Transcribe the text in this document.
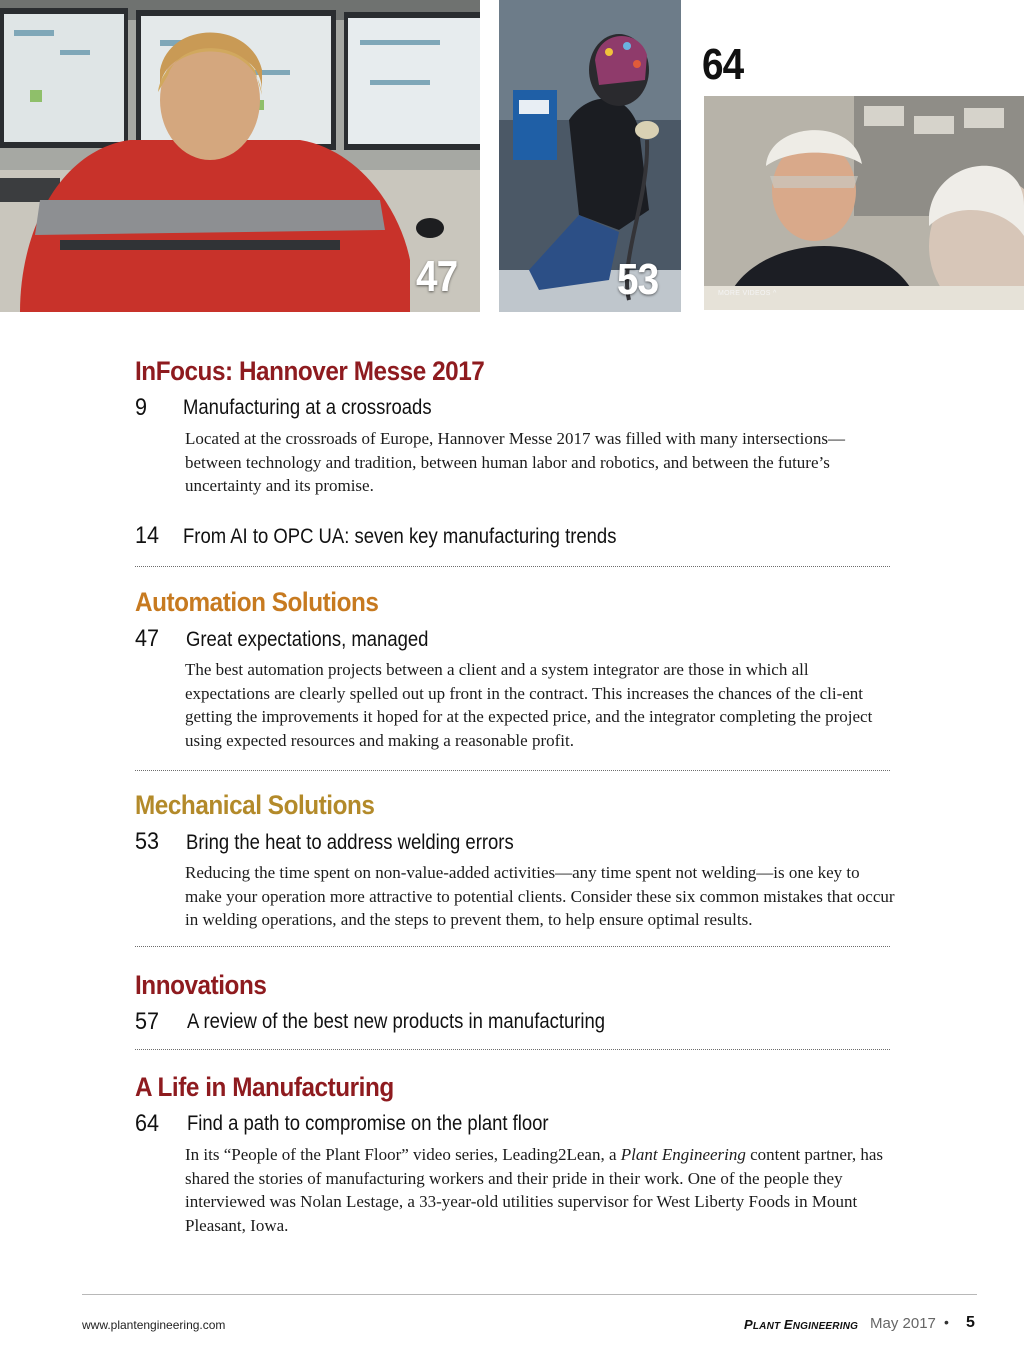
47	53
64
MORE VIDEOS ^
InFocus: Hannover Messe 2017
9 Manufacturing at a crossroads
Located at the crossroads of Europe, Hannover Messe 2017 was filled with many intersections—between technology and tradition, between human labor and robotics, and between the future’s uncertainty and its promise.
14 From AI to OPC UA: seven key manufacturing trends
Automation Solutions
47 Great expectations, managed
The best automation projects between a client and a system integrator are those in which all expectations are clearly spelled out up front in the contract. This increases the chances of the cli-ent getting the improvements it hoped for at the expected price, and the integrator completing the project using expected resources and making a reasonable profit.
Mechanical Solutions
53 Bring the heat to address welding errors
Reducing the time spent on non-value-added activities—any time spent not welding—is one key to make your operation more attractive to potential clients. Consider these six common mistakes that occur in welding operations, and the steps to prevent them, to help ensure optimal results.
Innovations
57 A review of the best new products in manufacturing
A Life in Manufacturing
64 Find a path to compromise on the plant floor
In its “People of the Plant Floor” video series, Leading2Lean, a Plant Engineering content partner, has shared the stories of manufacturing workers and their pride in their work. One of the people they interviewed was Nolan Lestage, a 33-year-old utilities supervisor for West Liberty Foods in Mount Pleasant, Iowa.
www.plantengineering.com	PLANT ENGINEERING May 2017 • 5
